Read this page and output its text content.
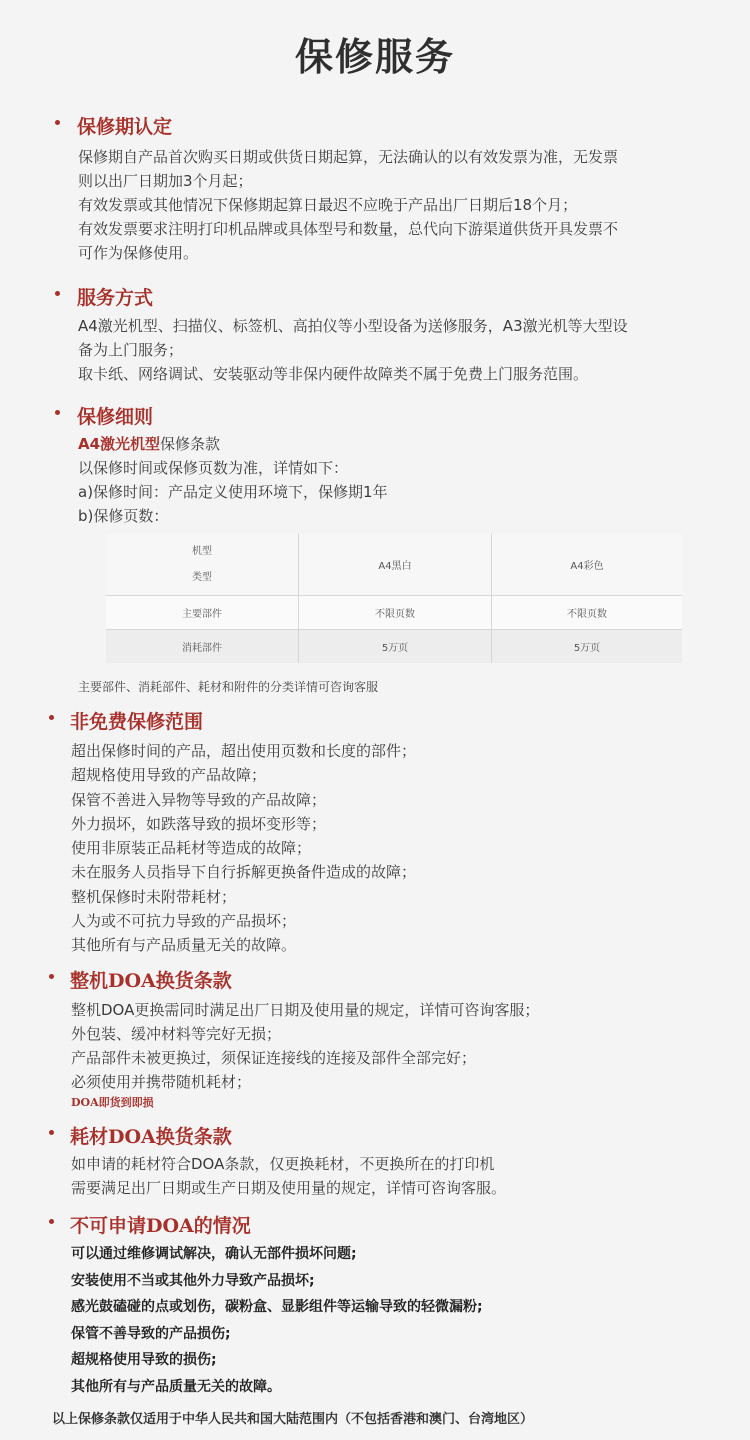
保修服务
保修期认定
保修期自产品首次购买日期或供货日期起算，无法确认的以有效发票为准，无发票
则以出厂日期加3个月起；
有效发票或其他情况下保修期起算日最迟不应晚于产品出厂日期后18个月；
有效发票要求注明打印机品牌或具体型号和数量，总代向下游渠道供货开具发票不
可作为保修使用。
服务方式
A4激光机型、扫描仪、标签机、高拍仪等小型设备为送修服务，A3激光机等大型设
备为上门服务；
取卡纸、网络调试、安装驱动等非保内硬件故障类不属于免费上门服务范围。
保修细则
A4激光机型保修条款
以保修时间或保修页数为准，详情如下：
a)保修时间：产品定义使用环境下，保修期1年
b)保修页数：
机型
类型	A4黑白	A4彩色
主要部件	不限页数	不限页数
消耗部件	5万页	5万页
主要部件、消耗部件、耗材和附件的分类详情可咨询客服
非免费保修范围
超出保修时间的产品，超出使用页数和长度的部件；
超规格使用导致的产品故障；
保管不善进入异物等导致的产品故障；
外力损坏，如跌落导致的损坏变形等；
使用非原装正品耗材等造成的故障；
未在服务人员指导下自行拆解更换备件造成的故障；
整机保修时未附带耗材；
人为或不可抗力导致的产品损坏；
其他所有与产品质量无关的故障。
整机DOA换货条款
整机DOA更换需同时满足出厂日期及使用量的规定，详情可咨询客服；
外包装、缓冲材料等完好无损；
产品部件未被更换过，须保证连接线的连接及部件全部完好；
必须使用并携带随机耗材；
DOA即货到即损
耗材DOA换货条款
如申请的耗材符合DOA条款，仅更换耗材，不更换所在的打印机
需要满足出厂日期或生产日期及使用量的规定，详情可咨询客服。
不可申请DOA的情况
可以通过维修调试解决，确认无部件损坏问题;
安装使用不当或其他外力导致产品损坏;
感光鼓磕碰的点或划伤，碳粉盒、显影组件等运输导致的轻微漏粉;
保管不善导致的产品损伤;
超规格使用导致的损伤;
其他所有与产品质量无关的故障。
以上保修条款仅适用于中华人民共和国大陆范围内（不包括香港和澳门、台湾地区）
